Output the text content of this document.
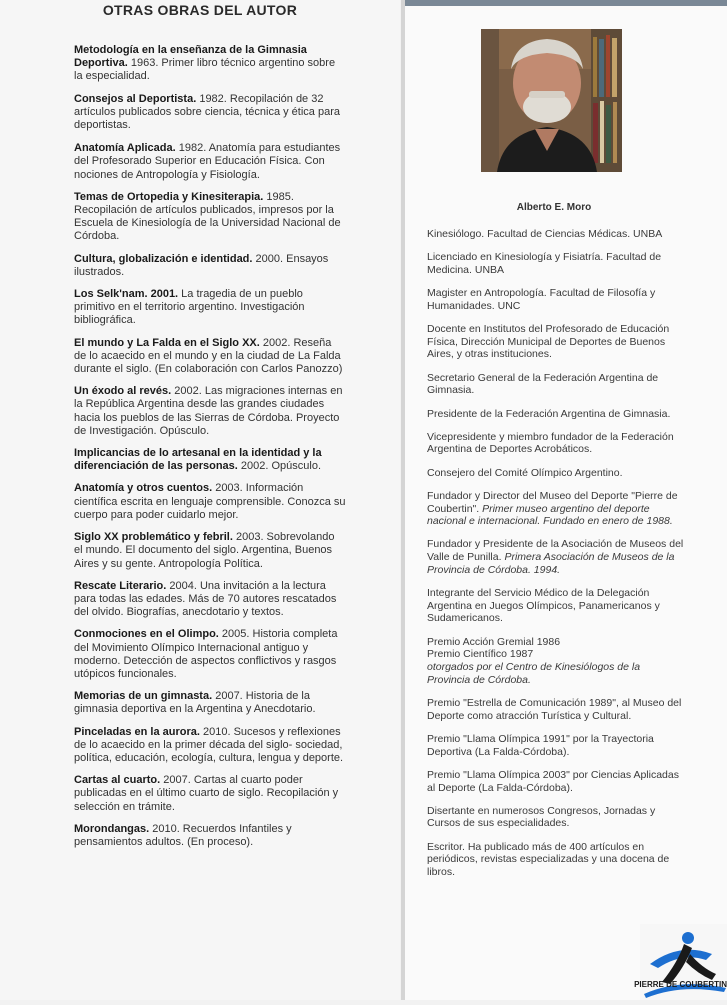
OTRAS OBRAS DEL AUTOR

Metodología en la enseñanza de la Gimnasia Deportiva. 1963. Primer libro técnico argentino sobre la especialidad.

Consejos al Deportista. 1982. Recopilación de 32 artículos publicados sobre ciencia, técnica y ética para deportistas.

Anatomía Aplicada. 1982. Anatomía para estudiantes del Profesorado Superior en Educación Física. Con nociones de Antropología y Fisiología.

Temas de Ortopedia y Kinesiterapia. 1985. Recopilación de artículos publicados, impresos por la Escuela de Kinesiología de la Universidad Nacional de Córdoba.

Cultura, globalización e identidad. 2000. Ensayos ilustrados.

Los Selk'nam. 2001. La tragedia de un pueblo primitivo en el territorio argentino. Investigación bibliográfica.

El mundo y La Falda en el Siglo XX. 2002. Reseña de lo acaecido en el mundo y en la ciudad de La Falda durante el siglo. (En colaboración con Carlos Panozzo)

Un éxodo al revés. 2002. Las migraciones internas en la República Argentina desde las grandes ciudades hacia los pueblos de las Sierras de Córdoba. Proyecto de Investigación. Opúsculo.

Implicancias de lo artesanal en la identidad y la diferenciación de las personas. 2002. Opúsculo.

Anatomía y otros cuentos. 2003. Información científica escrita en lenguaje comprensible. Conozca su cuerpo para poder cuidarlo mejor.

Siglo XX problemático y febril. 2003. Sobrevolando el mundo. El documento del siglo. Argentina, Buenos Aires y su gente. Antropología Política.

Rescate Literario. 2004. Una invitación a la lectura para todas las edades. Más de 70 autores rescatados del olvido. Biografías, anecdotario y textos.

Conmociones en el Olimpo. 2005. Historia completa del Movimiento Olímpico Internacional antiguo y moderno. Detección de aspectos conflictivos y rasgos utópicos funcionales.

Memorias de un gimnasta. 2007. Historia de la gimnasia deportiva en la Argentina y Anecdotario.

Pinceladas en la aurora. 2010. Sucesos y reflexiones de lo acaecido en la primer década del siglo- sociedad, política, educación, ecología, cultura, lengua y deporte.

Cartas al cuarto. 2007. Cartas al cuarto poder publicadas en el último cuarto de siglo. Recopilación y selección en trámite.

Morondangas. 2010. Recuerdos Infantiles y pensamientos adultos. (En proceso).

Alberto E. Moro

Kinesiólogo. Facultad de Ciencias Médicas. UNBA

Licenciado en Kinesiología y Fisiatría. Facultad de Medicina. UNBA

Magister en Antropología. Facultad de Filosofía y Humanidades. UNC

Docente en Institutos del Profesorado de Educación Física, Dirección Municipal de Deportes de Buenos Aires, y otras instituciones.

Secretario General de la Federación Argentina de Gimnasia.

Presidente de la Federación Argentina de Gimnasia.

Vicepresidente y miembro fundador de la Federación Argentina de Deportes Acrobáticos.

Consejero del Comité Olímpico Argentino.

Fundador y Director del Museo del Deporte "Pierre de Coubertin". Primer museo argentino del deporte nacional e internacional. Fundado en enero de 1988.

Fundador y Presidente de la Asociación de Museos del Valle de Punilla. Primera Asociación de Museos de la Provincia de Córdoba. 1994.

Integrante del Servicio Médico de la Delegación Argentina en Juegos Olímpicos, Panamericanos y Sudamericanos.

Premio Acción Gremial 1986
Premio Científico 1987
otorgados por el Centro de Kinesiólogos de la Provincia de Córdoba.

Premio "Estrella de Comunicación 1989", al Museo del Deporte como atracción Turística y Cultural.

Premio "Llama Olímpica 1991" por la Trayectoria Deportiva (La Falda-Córdoba).

Premio "Llama Olímpica 2003" por Ciencias Aplicadas al Deporte (La Falda-Córdoba).

Disertante en numerosos Congresos, Jornadas y Cursos de sus especialidades.

Escritor. Ha publicado más de 400 artículos en periódicos, revistas especializadas y una docena de libros.

PIERRE DE COUBERTIN
